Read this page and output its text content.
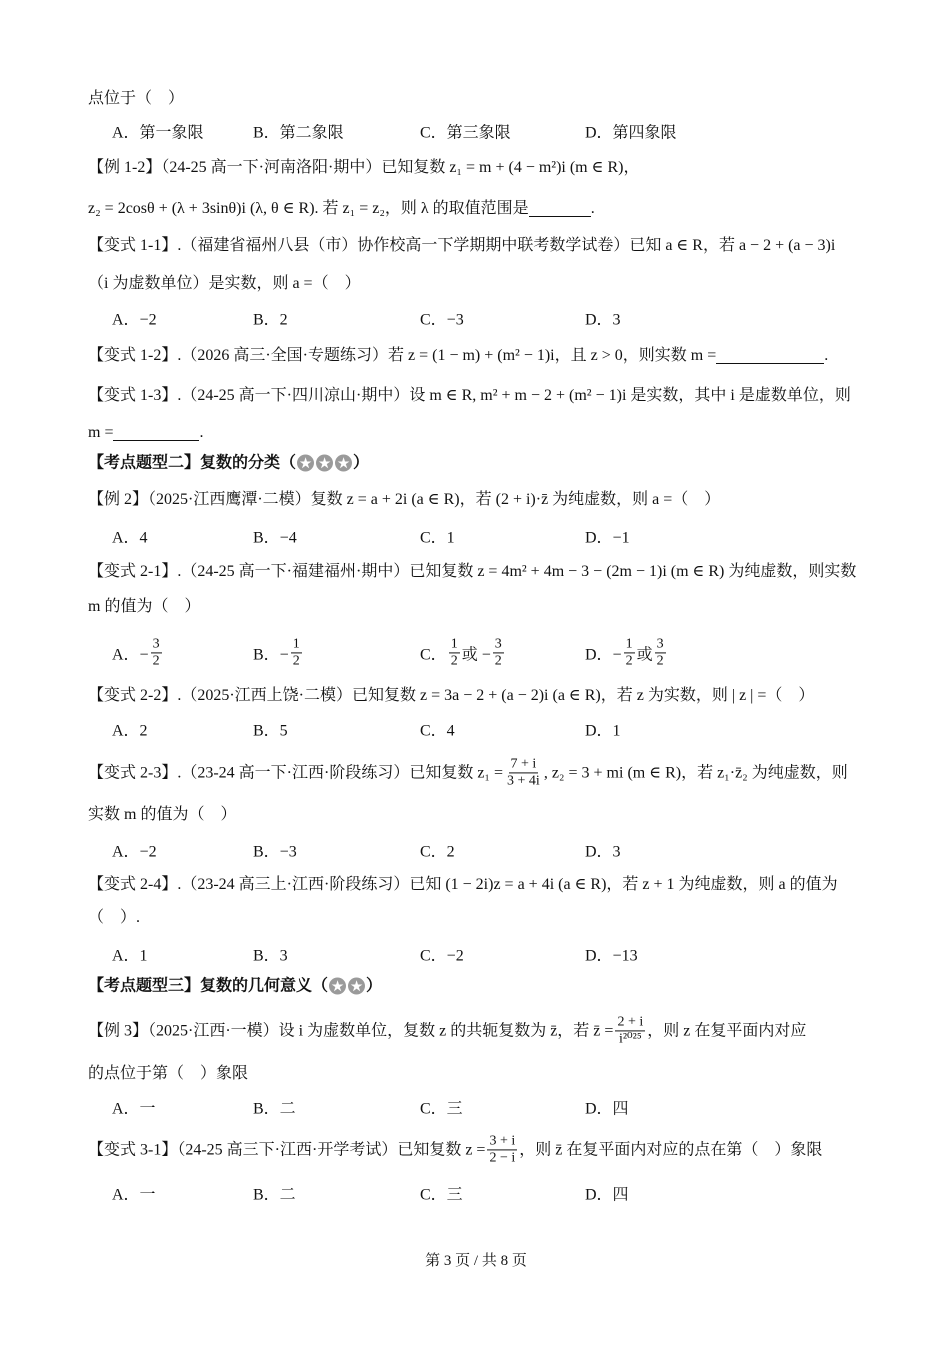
点位于（　）
A．第一象限	B．第二象限	C．第三象限	D．第四象限
【例 1-2】（24-25 高一下·河南洛阳·期中）已知复数 z₁ = m + (4 − m²)i (m ∈ R)，
z₂ = 2cosθ + (λ + 3sinθ)i (λ, θ ∈ R). 若 z₁ = z₂，则 λ 的取值范围是	.
【变式 1-1】.（福建省福州八县（市）协作校高一下学期期中联考数学试卷）已知 a ∈ R，若 a − 2 + (a − 3)i
（i 为虚数单位）是实数，则 a =（　）
A．−2	B．2	C．−3	D．3
【变式 1-2】.（2026 高三·全国·专题练习）若 z = (1 − m) + (m² − 1)i，且 z > 0，则实数 m =	.
【变式 1-3】.（24-25 高一下·四川凉山·期中）设 m ∈ R, m² + m − 2 + (m² − 1)i 是实数，其中 i 是虚数单位，则
m =	.
【考点题型二】复数的分类（ ★ ★ ★ ）
【例 2】（2025·江西鹰潭·二模）复数 z = a + 2i (a ∈ R)，若 (2 + i)·z̄ 为纯虚数，则 a =（　）
A．4	B．−4	C．1	D．−1
【变式 2-1】.（24-25 高一下·福建福州·期中）已知复数 z = 4m² + 4m − 3 − (2m − 1)i (m ∈ R) 为纯虚数，则实数
m 的值为（　）
A．− $\frac{3}{2}$	B．− $\frac{1}{2}$	C． $\frac{1}{2}$ 或 − $\frac{3}{2}$	D．− $\frac{1}{2}$ 或 $\frac{3}{2}$
【变式 2-2】.（2025·江西上饶·二模）已知复数 z = 3a − 2 + (a − 2)i (a ∈ R)，若 z 为实数，则 | z | =（　）
A．2	B．5	C．4	D．1
【变式 2-3】.（23-24 高一下·江西·阶段练习）已知复数 $z_1 = \frac{7 + i}{3 + 4i}$ , z₂ = 3 + mi (m ∈ R)，若 z₁·z̄₂ 为纯虚数，则
实数 m 的值为（　）
A．−2	B．−3	C．2	D．3
【变式 2-4】.（23-24 高三上·江西·阶段练习）已知 (1 − 2i)z = a + 4i (a ∈ R)，若 z + 1 为纯虚数，则 a 的值为
（　）.
A．1	B．3	C．−2	D．−13
【考点题型三】复数的几何意义（ ★ ★ ）
【例 3】（2025·江西·一模）设 i 为虚数单位，复数 z 的共轭复数为 z̄，若 z̄ = $\frac{2 + i}{\text{i²⁰²⁵}}$ ，则 z 在复平面内对应
的点位于第（　）象限
A．一	B．二	C．三	D．四
【变式 3-1】（24-25 高三下·江西·开学考试）已知复数 $z = \frac{3 + i}{2 - i}$ ，则 z̄ 在复平面内对应的点在第（　）象限
A．一	B．二	C．三	D．四
第 3 页 / 共 8 页
